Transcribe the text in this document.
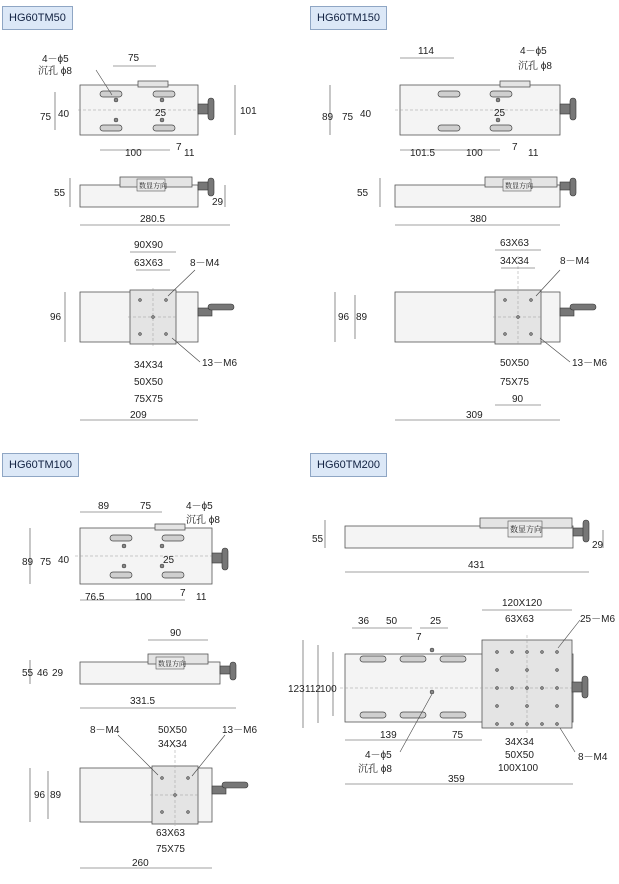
HG60TM50	HG60TM150
HG60TM100	HG60TM200
4－ϕ5
沉孔 ϕ8
75
101
75 40	25
100
7
11
数显方向
55
29
280.5
90X90
63X63	8－M4
96
34X34
50X50
75X75
13－M6
209
114	4－ϕ5
沉孔 ϕ8
89 75 40	25
101.5	100
7
11
数显方向
55
380
63X63
34X34	8－M4
96 89
50X50	13－M6
75X75
90
309
89	75	4－ϕ5
沉孔 ϕ8
89 75 40	25
76.5	100	7 11
90
数显方向
55 46 29
331.5
8－M4	50X50
34X34
13－M6
96 89
63X63
75X75
260
数显方向
55
29
431
120X120
36 50	25	25－M6
63X63
7
123 112 100
139	75
34X34
50X50
100X100
4－ϕ5
沉孔 ϕ8
8－M4
359
